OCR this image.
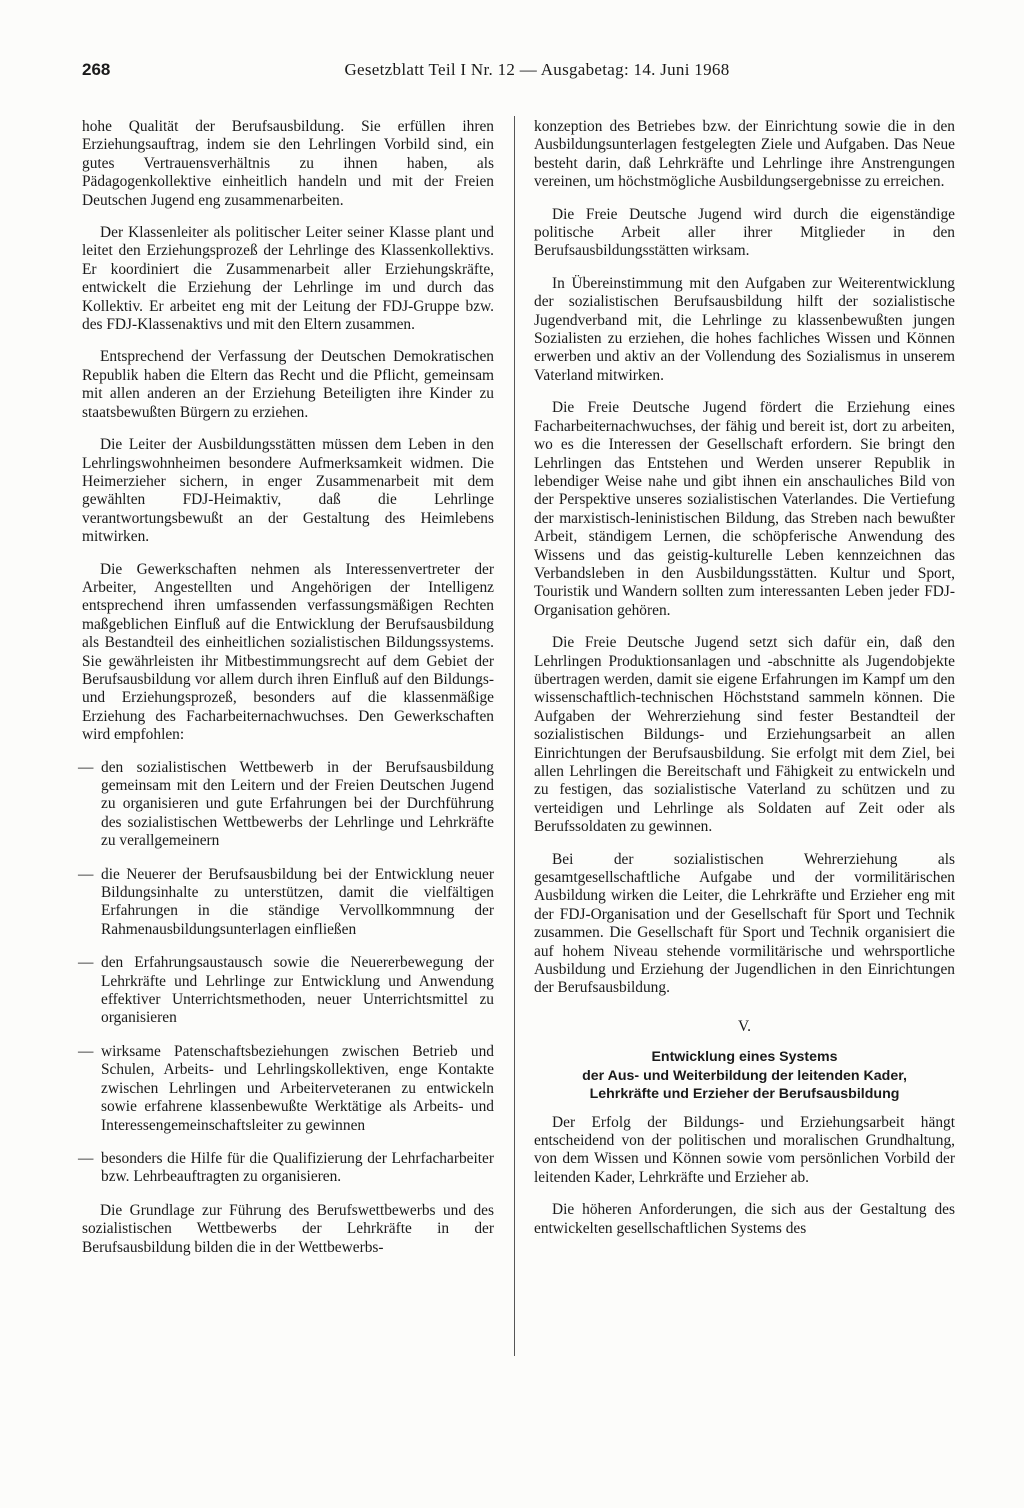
268	Gesetzblatt Teil I Nr. 12 — Ausgabetag: 14. Juni 1968

hohe Qualität der Berufsausbildung. Sie erfüllen ihren Erziehungsauftrag, indem sie den Lehrlingen Vorbild sind, ein gutes Vertrauensverhältnis zu ihnen haben, als Pädagogenkollektive einheitlich handeln und mit der Freien Deutschen Jugend eng zusammenarbeiten.

Der Klassenleiter als politischer Leiter seiner Klasse plant und leitet den Erziehungsprozeß der Lehrlinge des Klassenkollektivs. Er koordiniert die Zusammenarbeit aller Erziehungskräfte, entwickelt die Erziehung der Lehrlinge im und durch das Kollektiv. Er arbeitet eng mit der Leitung der FDJ-Gruppe bzw. des FDJ-Klassenaktivs und mit den Eltern zusammen.

Entsprechend der Verfassung der Deutschen Demokratischen Republik haben die Eltern das Recht und die Pflicht, gemeinsam mit allen anderen an der Erziehung Beteiligten ihre Kinder zu staatsbewußten Bürgern zu erziehen.

Die Leiter der Ausbildungsstätten müssen dem Leben in den Lehrlingswohnheimen besondere Aufmerksamkeit widmen. Die Heimerzieher sichern, in enger Zusammenarbeit mit dem gewählten FDJ-Heimaktiv, daß die Lehrlinge verantwortungsbewußt an der Gestaltung des Heimlebens mitwirken.

Die Gewerkschaften nehmen als Interessenvertreter der Arbeiter, Angestellten und Angehörigen der Intelligenz entsprechend ihren umfassenden verfassungsmäßigen Rechten maßgeblichen Einfluß auf die Entwicklung der Berufsausbildung als Bestandteil des einheitlichen sozialistischen Bildungssystems. Sie gewährleisten ihr Mitbestimmungsrecht auf dem Gebiet der Berufsausbildung vor allem durch ihren Einfluß auf den Bildungs- und Erziehungsprozeß, besonders auf die klassenmäßige Erziehung des Facharbeiternachwuchses. Den Gewerkschaften wird empfohlen:

— den sozialistischen Wettbewerb in der Berufsausbildung gemeinsam mit den Leitern und der Freien Deutschen Jugend zu organisieren und gute Erfahrungen bei der Durchführung des sozialistischen Wettbewerbs der Lehrlinge und Lehrkräfte zu verallgemeinern
— die Neuerer der Berufsausbildung bei der Entwicklung neuer Bildungsinhalte zu unterstützen, damit die vielfältigen Erfahrungen in die ständige Vervollkommnung der Rahmenausbildungsunterlagen einfließen
— den Erfahrungsaustausch sowie die Neuererbewegung der Lehrkräfte und Lehrlinge zur Entwicklung und Anwendung effektiver Unterrichtsmethoden, neuer Unterrichtsmittel zu organisieren
— wirksame Patenschaftsbeziehungen zwischen Betrieb und Schulen, Arbeits- und Lehrlingskollektiven, enge Kontakte zwischen Lehrlingen und Arbeiterveteranen zu entwickeln sowie erfahrene klassenbewußte Werktätige als Arbeits- und Interessengemeinschaftsleiter zu gewinnen
— besonders die Hilfe für die Qualifizierung der Lehrfacharbeiter bzw. Lehrbeauftragten zu organisieren.

Die Grundlage zur Führung des Berufswettbewerbs und des sozialistischen Wettbewerbs der Lehrkräfte in der Berufsausbildung bilden die in der Wettbewerbs-

konzeption des Betriebes bzw. der Einrichtung sowie die in den Ausbildungsunterlagen festgelegten Ziele und Aufgaben. Das Neue besteht darin, daß Lehrkräfte und Lehrlinge ihre Anstrengungen vereinen, um höchstmögliche Ausbildungsergebnisse zu erreichen.

Die Freie Deutsche Jugend wird durch die eigenständige politische Arbeit aller ihrer Mitglieder in den Berufsausbildungsstätten wirksam.

In Übereinstimmung mit den Aufgaben zur Weiterentwicklung der sozialistischen Berufsausbildung hilft der sozialistische Jugendverband mit, die Lehrlinge zu klassenbewußten jungen Sozialisten zu erziehen, die hohes fachliches Wissen und Können erwerben und aktiv an der Vollendung des Sozialismus in unserem Vaterland mitwirken.

Die Freie Deutsche Jugend fördert die Erziehung eines Facharbeiternachwuchses, der fähig und bereit ist, dort zu arbeiten, wo es die Interessen der Gesellschaft erfordern. Sie bringt den Lehrlingen das Entstehen und Werden unserer Republik in lebendiger Weise nahe und gibt ihnen ein anschauliches Bild von der Perspektive unseres sozialistischen Vaterlandes. Die Vertiefung der marxistisch-leninistischen Bildung, das Streben nach bewußter Arbeit, ständigem Lernen, die schöpferische Anwendung des Wissens und das geistig-kulturelle Leben kennzeichnen das Verbandsleben in den Ausbildungsstätten. Kultur und Sport, Touristik und Wandern sollten zum interessanten Leben jeder FDJ-Organisation gehören.

Die Freie Deutsche Jugend setzt sich dafür ein, daß den Lehrlingen Produktionsanlagen und -abschnitte als Jugendobjekte übertragen werden, damit sie eigene Erfahrungen im Kampf um den wissenschaftlich-technischen Höchststand sammeln können. Die Aufgaben der Wehrerziehung sind fester Bestandteil der sozialistischen Bildungs- und Erziehungsarbeit an allen Einrichtungen der Berufsausbildung. Sie erfolgt mit dem Ziel, bei allen Lehrlingen die Bereitschaft und Fähigkeit zu entwickeln und zu festigen, das sozialistische Vaterland zu schützen und zu verteidigen und Lehrlinge als Soldaten auf Zeit oder als Berufssoldaten zu gewinnen.

Bei der sozialistischen Wehrerziehung als gesamtgesellschaftliche Aufgabe und der vormilitärischen Ausbildung wirken die Leiter, die Lehrkräfte und Erzieher eng mit der FDJ-Organisation und der Gesellschaft für Sport und Technik zusammen. Die Gesellschaft für Sport und Technik organisiert die auf hohem Niveau stehende vormilitärische und wehrsportliche Ausbildung und Erziehung der Jugendlichen in den Einrichtungen der Berufsausbildung.

V.
Entwicklung eines Systems
der Aus- und Weiterbildung der leitenden Kader,
Lehrkräfte und Erzieher der Berufsausbildung

Der Erfolg der Bildungs- und Erziehungsarbeit hängt entscheidend von der politischen und moralischen Grundhaltung, von dem Wissen und Können sowie vom persönlichen Vorbild der leitenden Kader, Lehrkräfte und Erzieher ab.

Die höheren Anforderungen, die sich aus der Gestaltung des entwickelten gesellschaftlichen Systems des
